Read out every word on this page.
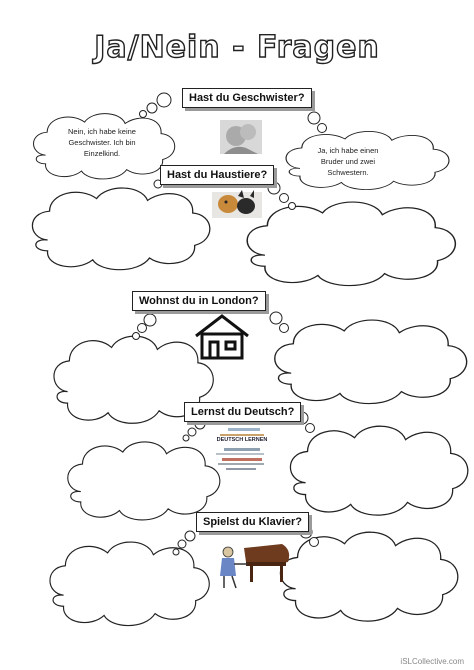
Ja/Nein - Fragen
Hast du Geschwister?
Hast du Haustiere?
Wohnst du in London?
Lernst du Deutsch?
Spielst du Klavier?
Nein, ich habe keine
Geschwister. Ich bin
Einzelkind.	Ja, ich habe einen
Bruder und zwei
Schwestern.
DEUTSCH LERNEN
iSLCollective.com
